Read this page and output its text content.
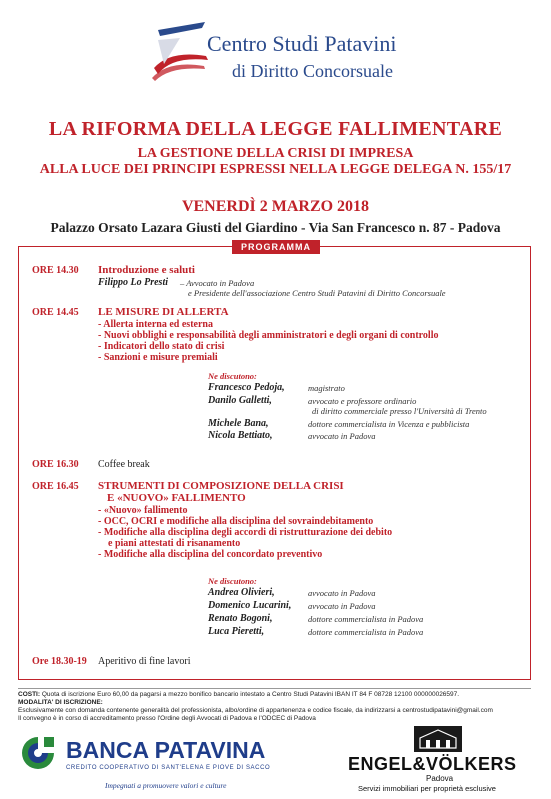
Centro Studi Patavini
di Diritto Concorsuale
LA RIFORMA DELLA LEGGE FALLIMENTARE
LA GESTIONE DELLA CRISI DI IMPRESA
ALLA LUCE DEI PRINCIPI ESPRESSI NELLA LEGGE DELEGA N. 155/17
VENERDÌ 2 MARZO 2018
Palazzo Orsato Lazara Giusti del Giardino - Via San Francesco n. 87 - Padova
PROGRAMMA
ORE 14.30 Introduzione e saluti
Filippo Lo Presti – Avvocato in Padova
e Presidente dell'associazione Centro Studi Patavini di Diritto Concorsuale
ORE 14.45 LE MISURE DI ALLERTA
- Allerta interna ed esterna
- Nuovi obblighi e responsabilità degli amministratori e degli organi di controllo
- Indicatori dello stato di crisi
- Sanzioni e misure premiali
Ne discutono:
Francesco Pedoja,	magistrato
Danilo Galletti,	avvocato e professore ordinario
di diritto commerciale presso l'Università di Trento
Michele Bana,	dottore commercialista in Vicenza e pubblicista
Nicola Bettiato,	avvocato in Padova
ORE 16.30 Coffee break
ORE 16.45 STRUMENTI DI COMPOSIZIONE DELLA CRISI
E «NUOVO» FALLIMENTO
- «Nuovo» fallimento
- OCC, OCRI e modifiche alla disciplina del sovraindebitamento
- Modifiche alla disciplina degli accordi di ristrutturazione dei debito
e piani attestati di risanamento
- Modifiche alla disciplina del concordato preventivo
Ne discutono:
Andrea Olivieri,	avvocato in Padova
Domenico Lucarini, avvocato in Padova
Renato Bogoni,	dottore commercialista in Padova
Luca Pieretti,	dottore commercialista in Padova
Ore 18.30-19 Aperitivo di fine lavori
COSTI: Quota di iscrizione Euro 60,00 da pagarsi a mezzo bonifico bancario intestato a Centro Studi Patavini IBAN IT 84 F 08728 12100 000000026597.
MODALITA' DI ISCRIZIONE:
Esclusivamente con domanda contenente generalità del professionista, albo/ordine di appartenenza e codice fiscale, da indirizzarsi a centrostudipatavini@gmail.com
Il convegno è in corso di accreditamento presso l'Ordine degli Avvocati di Padova e l'ODCEC di Padova
BANCA PATAVINA
CREDITO COOPERATIVO DI SANT'ELENA E PIOVE DI SACCO
Impegnati a promuovere valori e culture
ENGEL&VÖLKERS
Padova
Servizi immobiliari per proprietà esclusive
